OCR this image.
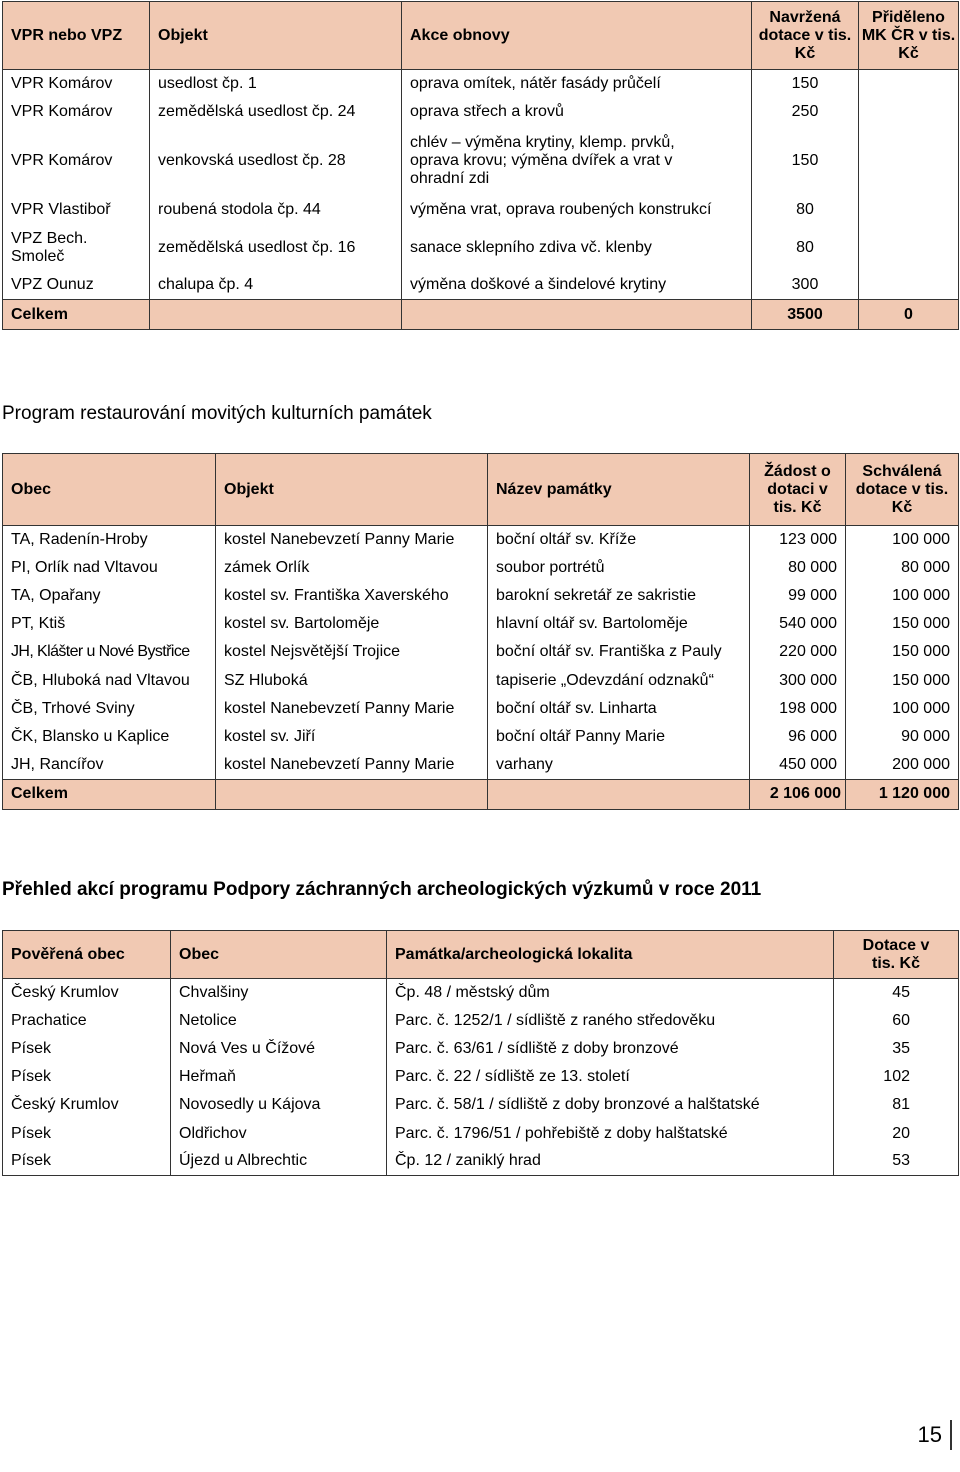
VPR nebo VPZ	Objekt	Akce obnovy	Navržená dotace v tis. Kč	Přiděleno MK ČR v tis. Kč
VPR Komárov	usedlost čp. 1	oprava omítek, nátěr fasády průčelí	150	
VPR Komárov	zemědělská usedlost čp. 24	oprava střech a krovů	250	
VPR Komárov	venkovská usedlost čp. 28	chlév – výměna krytiny, klemp. prvků, oprava krovu; výměna dvířek a vrat v ohradní zdi	150	
VPR Vlastiboř	roubená stodola čp. 44	výměna vrat, oprava roubených konstrukcí	80	
VPZ Bech. Smoleč	zemědělská usedlost čp. 16	sanace sklepního zdiva vč. klenby	80	
VPZ Ounuz	chalupa čp. 4	výměna doškové a šindelové krytiny	300	
Celkem			3500	0
Program restaurování movitých kulturních památek
Obec	Objekt	Název památky	Žádost o dotaci v tis. Kč	Schválená dotace v tis. Kč
TA, Radenín-Hroby	kostel Nanebevzetí Panny Marie	boční oltář sv. Kříže	123 000	100 000
PI, Orlík nad Vltavou	zámek Orlík	soubor portrétů	80 000	80 000
TA, Opařany	kostel sv. Františka Xaverského	barokní sekretář ze sakristie	99 000	100 000
PT, Ktiš	kostel sv. Bartoloměje	hlavní oltář sv. Bartoloměje	540 000	150 000
JH, Klášter u Nové Bystřice	kostel Nejsvětější Trojice	boční oltář sv. Františka z Pauly	220 000	150 000
ČB, Hluboká nad Vltavou	SZ Hluboká	tapiserie „Odevzdání odznaků“	300 000	150 000
ČB, Trhové Sviny	kostel Nanebevzetí Panny Marie	boční oltář sv. Linharta	198 000	100 000
ČK, Blansko u Kaplice	kostel sv. Jiří	boční oltář Panny Marie	96 000	90 000
JH, Rancířov	kostel Nanebevzetí Panny Marie	varhany	450 000	200 000
Celkem			2 106 000	1 120 000
Přehled akcí programu Podpory záchranných archeologických výzkumů v roce 2011
Pověřená obec	Obec	Památka/archeologická lokalita	Dotace v tis. Kč
Český Krumlov	Chvalšiny	Čp. 48 / městský dům	45
Prachatice	Netolice	Parc. č. 1252/1 / sídliště z raného středověku	60
Písek	Nová Ves u Čížové	Parc. č. 63/61 / sídliště z doby bronzové	35
Písek	Heřmaň	Parc. č. 22 / sídliště ze 13. století	102
Český Krumlov	Novosedly u Kájova	Parc. č. 58/1 / sídliště z doby bronzové a halštatské	81
Písek	Oldřichov	Parc. č. 1796/51 / pohřebiště z doby halštatské	20
Písek	Újezd u Albrechtic	Čp. 12 / zaniklý hrad	53
15
